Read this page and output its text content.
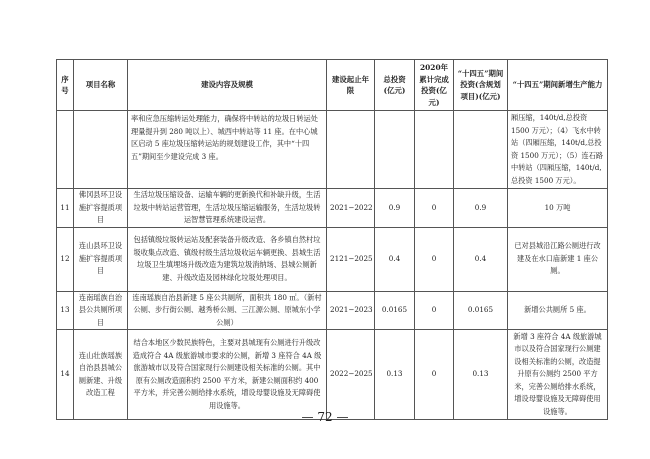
序号	项目名称	建设内容及规模	建设起止年限	总投资(亿元)	2020年累计完成投资(亿元)	“十四五”期间投资(含规划项目)(亿元)	“十四五”期间新增生产能力
		率和应急压缩转运处理能力，确保将中转站的垃圾日转运处理量提升到 280 吨以上）、城西中转站等 11 座。在中心城区启动 5 座垃圾压缩转运站的规划建设工作，其中“十四五”期间至少建设完成 3 座。					厢压缩，140t/d,总投资 1500 万元）；（4）飞水中转站（四厢压缩，140t/d,总投资 1500 万元）；（5）连石路中转站（四厢压缩，140t/d,总投资 1500 万元）。
11	佛冈县环卫设施扩容提质项目	生活垃圾压缩设备、运输车辆的更新换代和补缺升级，生活垃圾中转站运营管理，生活垃圾压缩运输服务，生活垃圾转运智慧管理系统建设运营。	2021−2022	0.9	0	0.9	10 万吨
12	连山县环卫设施扩容提质项目	包括镇级垃圾转运站及配套装备升级改造、各乡镇自然村垃圾收集点改造、镇级村级生活垃圾收运车辆更换、县城生活垃圾卫生填埋场升级改造为建筑垃圾消纳场、县城公厕新建、升级改造及园林绿化垃圾处理项目。	2121−2025	0.4	0	0.4	已对县城沿江路公厕进行改建及在水口庙新建 1 座公厕。
13	连南瑶族自治县公共厕所项目	连南瑶族自治县新建 5 座公共厕所，面积共 180 ㎡。（新村公厕、步行街公厕、越秀桥公厕、三江源公厕、原城东小学公厕）	2021−2023	0.0165	0	0.0165	新增公共厕所 5 座。
14	连山壮族瑶族自治县县城公厕新建、升级改造工程	结合本地区少数民族特色，主要对县城现有公厕进行升级改造成符合 4A 级旅游城市要求的公厕，新增 3 座符合 4A 级旅游城市以及符合国家现行公厕建设相关标准的公厕。其中原有公厕改造面积约 2500 平方米，新建公厕面积约 400 平方米，并完善公厕给排水系统，增设母婴设施及无障碍使用设施等。	2022−2025	0.13	0	0.13	新增 3 座符合 4A 级旅游城市以及符合国家现行公厕建设相关标准的公厕，改造提升原有公厕约 2500 平方米，完善公厕给排水系统，增设母婴设施及无障碍使用设施等。
— 72 —
